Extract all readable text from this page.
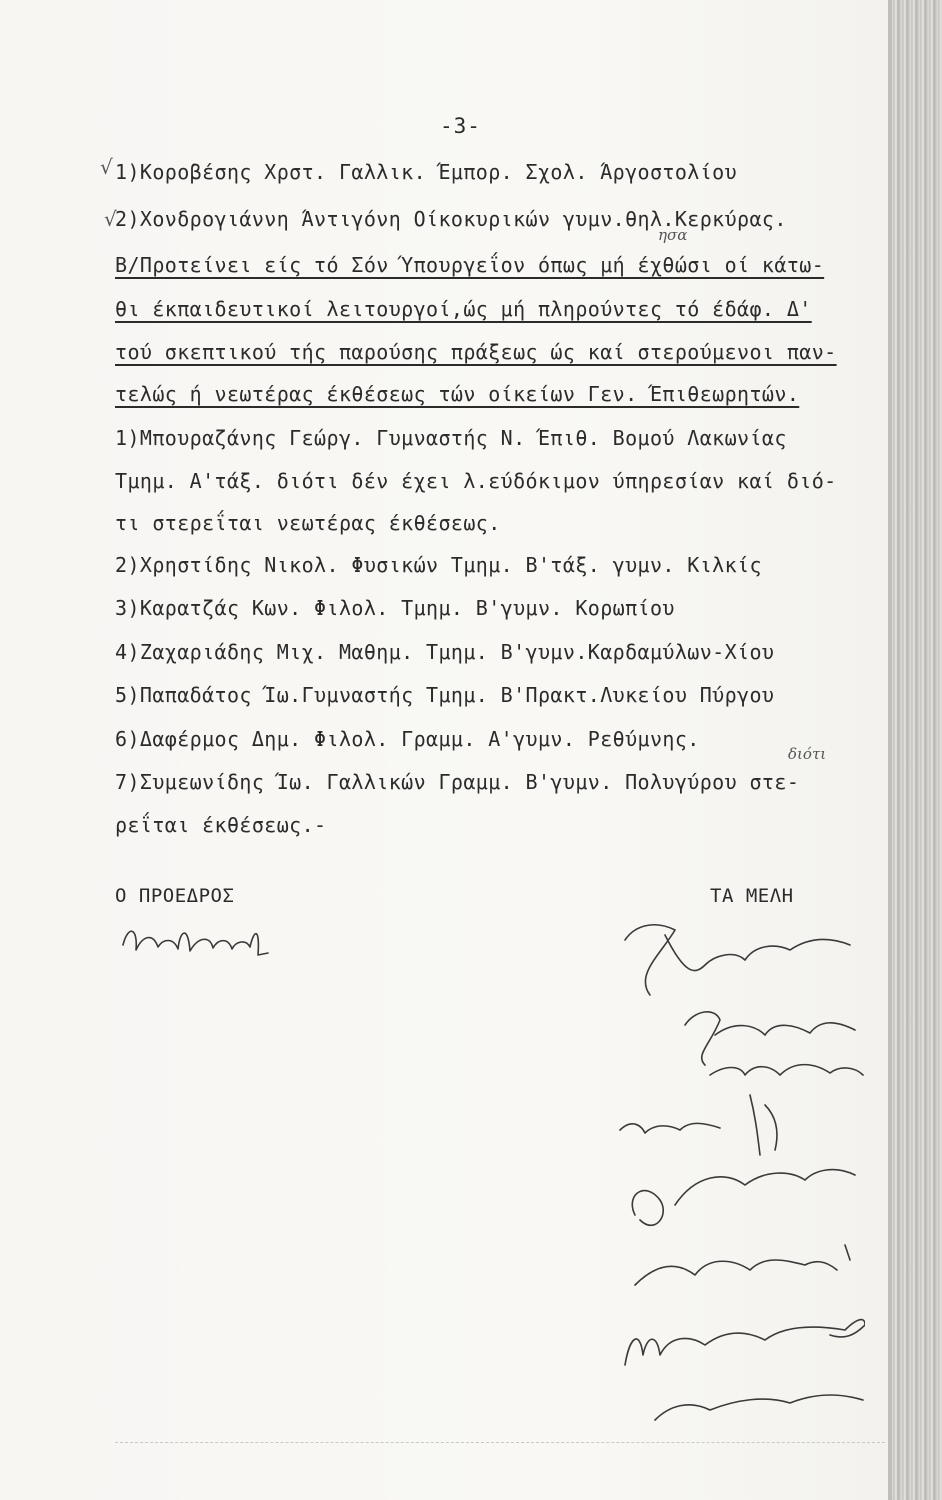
-3-
√
√
1)Κοροβέσης Χρστ. Γαλλικ. Έμπορ. Σχολ. Άργοστολίου
2)Χονδρογιάννη Άντιγόνη Οίκοκυρικών γυμν.θηλ.Κερκύρας.
ησα
Β/Προτείνει είς τό Σόν Ύπουργεΐον όπως μή έχθώσι οί κάτω-
θι έκπαιδευτικοί λειτουργοί,ώς μή πληρούντες τό έδάφ. Δ'
τού σκεπτικού τής παρούσης πράξεως ώς καί στερούμενοι παν-
τελώς ή νεωτέρας έκθέσεως τών οίκείων Γεν. Έπιθεωρητών.
1)Μπουραζάνης Γεώργ. Γυμναστής Ν. Έπιθ. Βομού Λακωνίας
Τμημ. Α'τάξ. διότι δέν έχει λ.εύδόκιμον ύπηρεσίαν καί διό-
τι στερεΐται νεωτέρας έκθέσεως.
2)Χρηστίδης Νικολ. Φυσικών Τμημ. Β'τάξ. γυμν. Κιλκίς
3)Καρατζάς Κων. Φιλολ. Τμημ. Β'γυμν. Κορωπίου
4)Ζαχαριάδης Μιχ. Μαθημ. Τμημ. Β'γυμν.Καρδαμύλων-Χίου
5)Παπαδάτος Ίω.Γυμναστής Τμημ. Β'Πρακτ.Λυκείου Πύργου
6)Δαφέρμος Δημ. Φιλολ. Γραμμ. Α'γυμν. Ρεθύμνης.
διότι
7)Συμεωνίδης Ίω. Γαλλικών Γραμμ. Β'γυμν. Πολυγύρου στε-
ρεΐται έκθέσεως.-
Ο ΠΡΟΕΔΡΟΣ	ΤΑ ΜΕΛΗ
